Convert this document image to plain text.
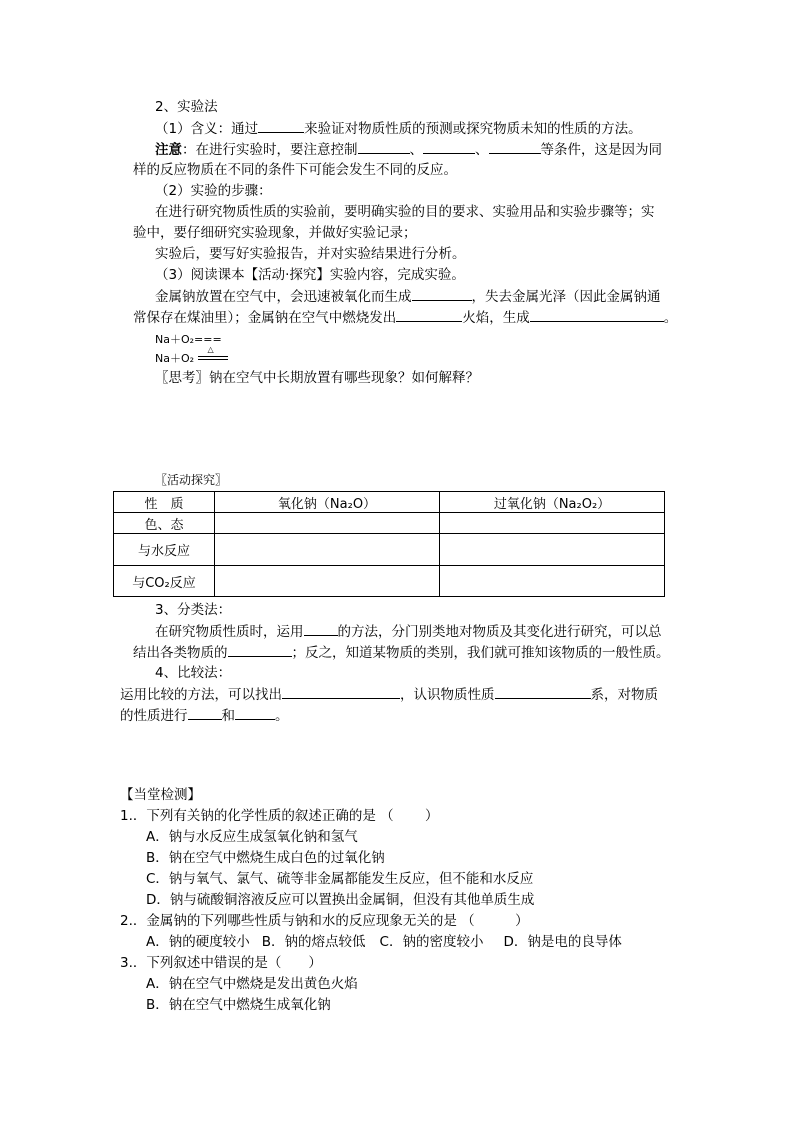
2、实验法
（1）含义：通过	来验证对物质性质的预测或探究物质未知的性质的方法。
注意：在进行实验时，要注意控制	、	、	等条件，这是因为同
样的反应物质在不同的条件下可能会发生不同的反应。
（2）实验的步骤：
在进行研究物质性质的实验前，要明确实验的目的要求、实验用品和实验步骤等；实
验中，要仔细研究实验现象，并做好实验记录；
实验后，要写好实验报告，并对实验结果进行分析。
（3）阅读课本【活动·探究】实验内容，完成实验。
金属钠放置在空气中，会迅速被氧化而生成	，失去金属光泽（因此金属钠通
常保存在煤油里）；金属钠在空气中燃烧发出	火焰，生成	。
Na＋O₂===
Na＋O₂
△
〖思考〗钠在空气中长期放置有哪些现象？如何解释？
〖活动探究〗
性　质	氧化钠（Na₂O）	过氧化钠（Na₂O₂）
色、态		
与水反应		
与CO₂反应		
3、分类法：
在研究物质性质时，运用	的方法，分门别类地对物质及其变化进行研究，可以总
结出各类物质的	；反之，知道某物质的类别，我们就可推知该物质的一般性质。
4、比较法：
运用比较的方法，可以找出	，认识物质性质	系，对物质
的性质进行	和	。
【当堂检测】
1.．下列有关钠的化学性质的叙述正确的是 （　　 ）
A．钠与水反应生成氢氧化钠和氢气
B．钠在空气中燃烧生成白色的过氧化钠
C．钠与氧气、氯气、硫等非金属都能发生反应，但不能和水反应
D．钠与硫酸铜溶液反应可以置换出金属铜，但没有其他单质生成
2.．金属钠的下列哪些性质与钠和水的反应现象无关的是 （　　　）
A．钠的硬度较小 B．钠的熔点较低 C．钠的密度较小 D．钠是电的良导体
3.．下列叙述中错误的是（　　）
A．钠在空气中燃烧是发出黄色火焰
B．钠在空气中燃烧生成氧化钠
